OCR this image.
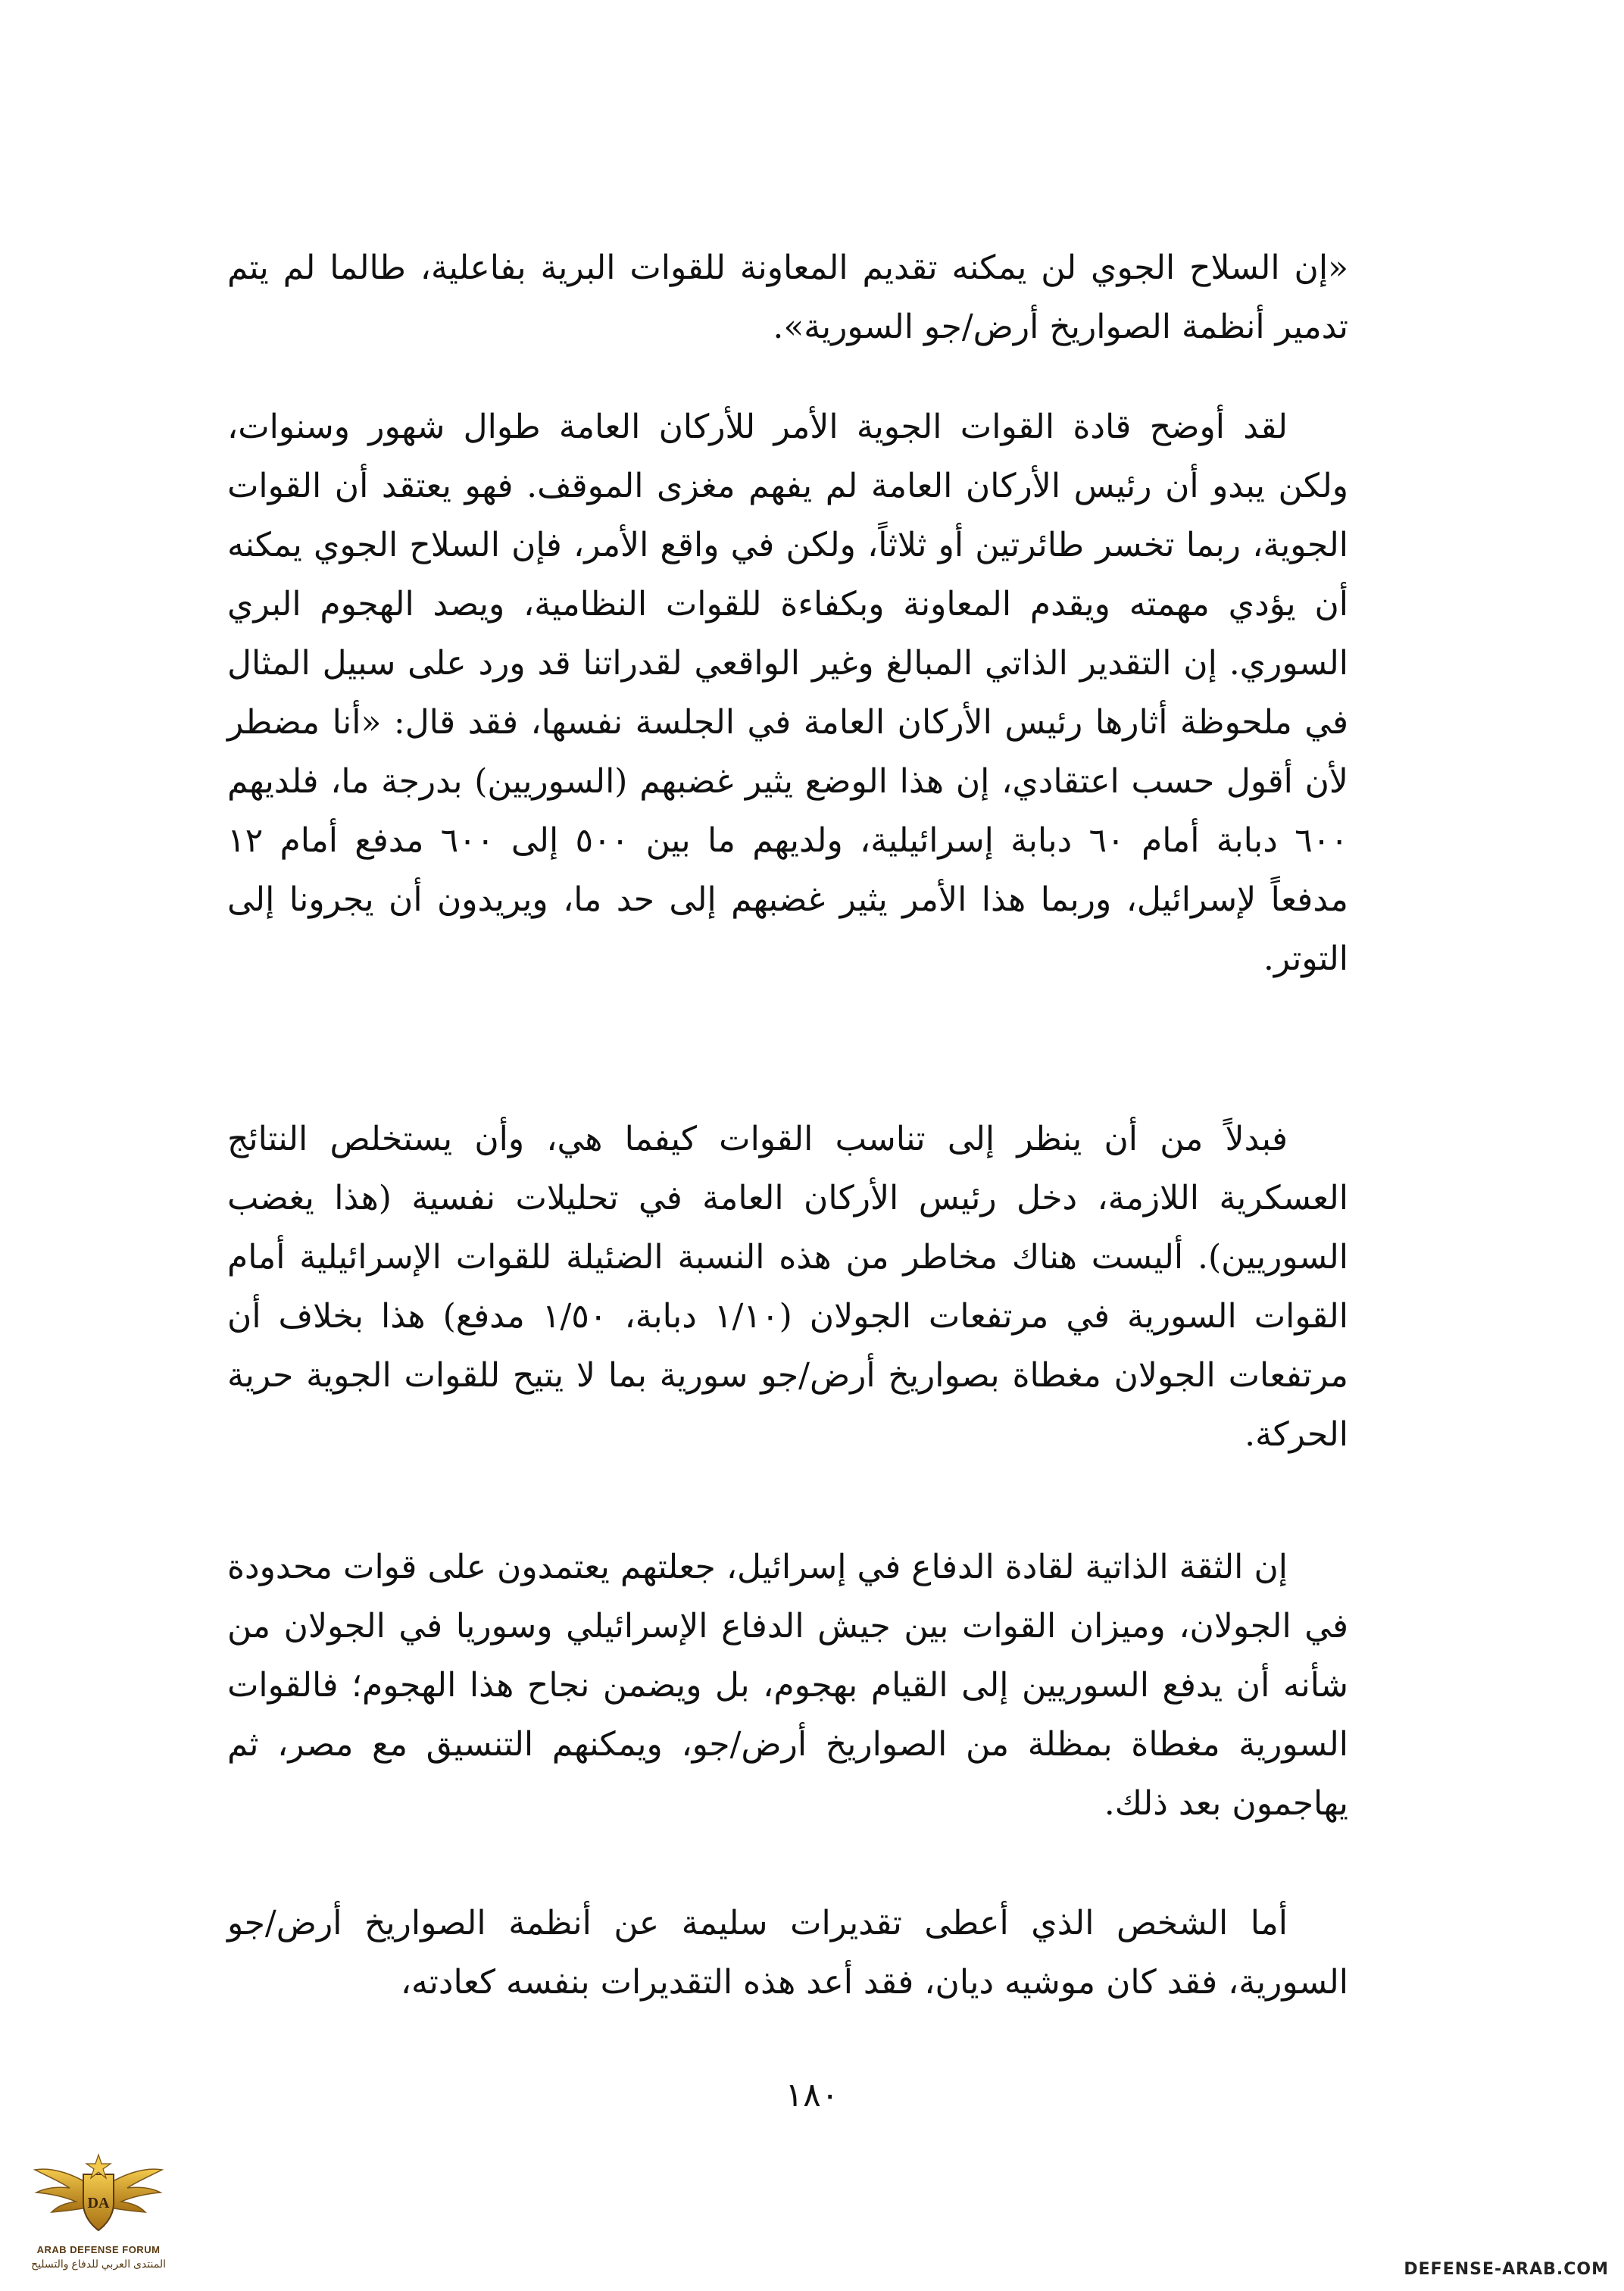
«إن السلاح الجوي لن يمكنه تقديم المعاونة للقوات البرية بفاعلية، طالما لم يتم تدمير أنظمة الصواريخ أرض/جو السورية».

لقد أوضح قادة القوات الجوية الأمر للأركان العامة طوال شهور وسنوات، ولكن يبدو أن رئيس الأركان العامة لم يفهم مغزى الموقف. فهو يعتقد أن القوات الجوية، ربما تخسر طائرتين أو ثلاثاً، ولكن في واقع الأمر، فإن السلاح الجوي يمكنه أن يؤدي مهمته ويقدم المعاونة وبكفاءة للقوات النظامية، ويصد الهجوم البري السوري. إن التقدير الذاتي المبالغ وغير الواقعي لقدراتنا قد ورد على سبيل المثال في ملحوظة أثارها رئيس الأركان العامة في الجلسة نفسها، فقد قال: «أنا مضطر لأن أقول حسب اعتقادي، إن هذا الوضع يثير غضبهم (السوريين) بدرجة ما، فلديهم ٦٠٠ دبابة أمام ٦٠ دبابة إسرائيلية، ولديهم ما بين ٥٠٠ إلى ٦٠٠ مدفع أمام ١٢ مدفعاً لإسرائيل، وربما هذا الأمر يثير غضبهم إلى حد ما، ويريدون أن يجرونا إلى التوتر.

فبدلاً من أن ينظر إلى تناسب القوات كيفما هي، وأن يستخلص النتائج العسكرية اللازمة، دخل رئيس الأركان العامة في تحليلات نفسية (هذا يغضب السوريين). أليست هناك مخاطر من هذه النسبة الضئيلة للقوات الإسرائيلية أمام القوات السورية في مرتفعات الجولان (١/١٠ دبابة، ١/٥٠ مدفع) هذا بخلاف أن مرتفعات الجولان مغطاة بصواريخ أرض/جو سورية بما لا يتيح للقوات الجوية حرية الحركة.

إن الثقة الذاتية لقادة الدفاع في إسرائيل، جعلتهم يعتمدون على قوات محدودة في الجولان، وميزان القوات بين جيش الدفاع الإسرائيلي وسوريا في الجولان من شأنه أن يدفع السوريين إلى القيام بهجوم، بل ويضمن نجاح هذا الهجوم؛ فالقوات السورية مغطاة بمظلة من الصواريخ أرض/جو، ويمكنهم التنسيق مع مصر، ثم يهاجمون بعد ذلك.

أما الشخص الذي أعطى تقديرات سليمة عن أنظمة الصواريخ أرض/جو السورية، فقد كان موشيه ديان، فقد أعد هذه التقديرات بنفسه كعادته،

١٨٠
DA
ARAB DEFENSE FORUM
المنتدى العربي للدفاع والتسليح	DEFENSE-ARAB.COM
